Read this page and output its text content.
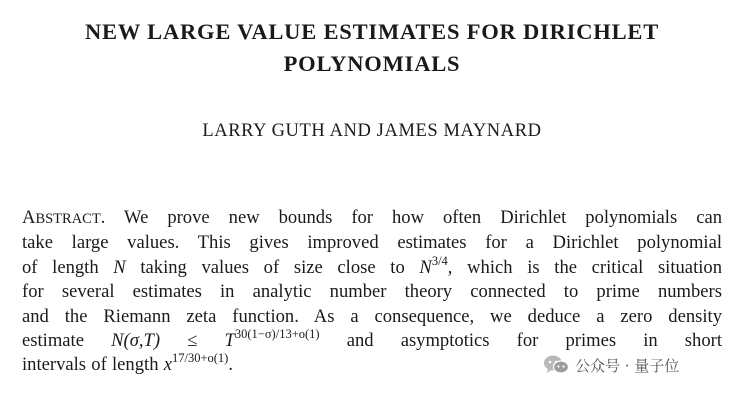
NEW LARGE VALUE ESTIMATES FOR DIRICHLET
POLYNOMIALS
LARRY GUTH AND JAMES MAYNARD
ABSTRACT. We prove new bounds for how often Dirichlet polynomials can
take large values. This gives improved estimates for a Dirichlet polynomial
of length N taking values of size close to $N^{3/4}$, which is the critical situation
for several estimates in analytic number theory connected to prime numbers
and the Riemann zeta function. As a consequence, we deduce a zero density
estimate $N(\sigma,T) \le T^{30(1-\sigma)/13+o(1)}$ and asymptotics for primes in short
intervals of length $x^{17/30+o(1)}$.	公众号 · 量子位
